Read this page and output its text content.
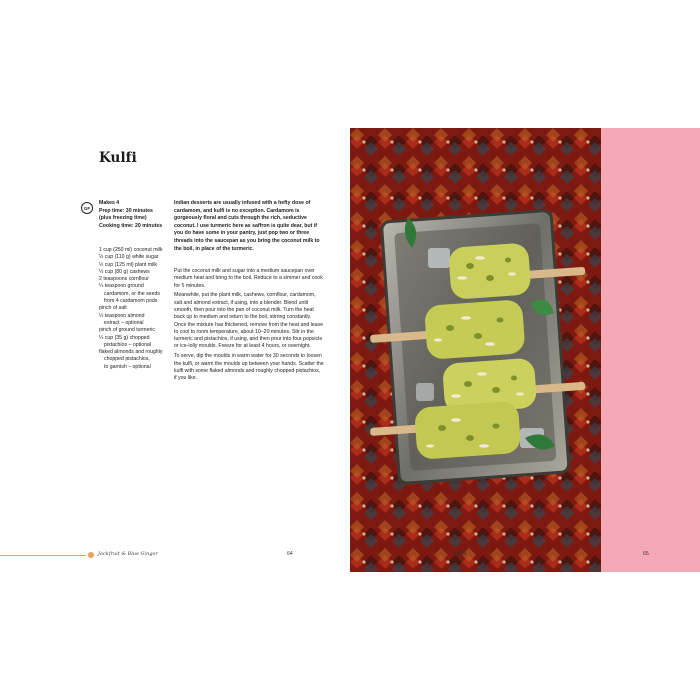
Kulfi
GF
Makes 4
Prep time: 30 minutes
(plus freezing time)
Cooking time: 20 minutes
1 cup (250 ml) coconut milk
½ cup (110 g) white sugar
½ cup (125 ml) plant milk
½ cup (80 g) cashews
2 teaspoons cornflour
¼ teaspoon ground
cardamom, or the seeds
from 4 cardamom pods
pinch of salt
½ teaspoon almond
extract – optional
pinch of ground turmeric
¼ cup (35 g) chopped
pistachios – optional
flaked almonds and roughly
chopped pistachios,
to garnish – optional
Indian desserts are usually infused with a hefty dose of cardamom, and kulfi is no exception. Cardamom is gorgeously floral and cuts through the rich, seductive coconut. I use turmeric here as saffron is quite dear, but if you do have some in your pantry, just pop two or three threads into the saucepan as you bring the coconut milk to the boil, in place of the turmeric.

Put the coconut milk and sugar into a medium saucepan over medium heat and bring to the boil. Reduce to a simmer and cook for 5 minutes.

Meanwhile, put the plant milk, cashews, cornflour, cardamom, salt and almond extract, if using, into a blender. Blend until smooth, then pour into the pan of coconut milk. Turn the heat back up to medium and return to the boil, stirring constantly. Once the mixture has thickened, remove from the heat and leave to cool to room temperature, about 10–20 minutes. Stir in the turmeric and pistachios, if using, and then pour into four popsicle or ice-lolly moulds. Freeze for at least 4 hours, or overnight.

To serve, dip the moulds in warm water for 30 seconds to loosen the kulfi, or warm the moulds up between your hands. Scatter the kulfi with some flaked almonds and roughly chopped pistachios, if you like.

Jackfruit & Blue Ginger	64	India	65
